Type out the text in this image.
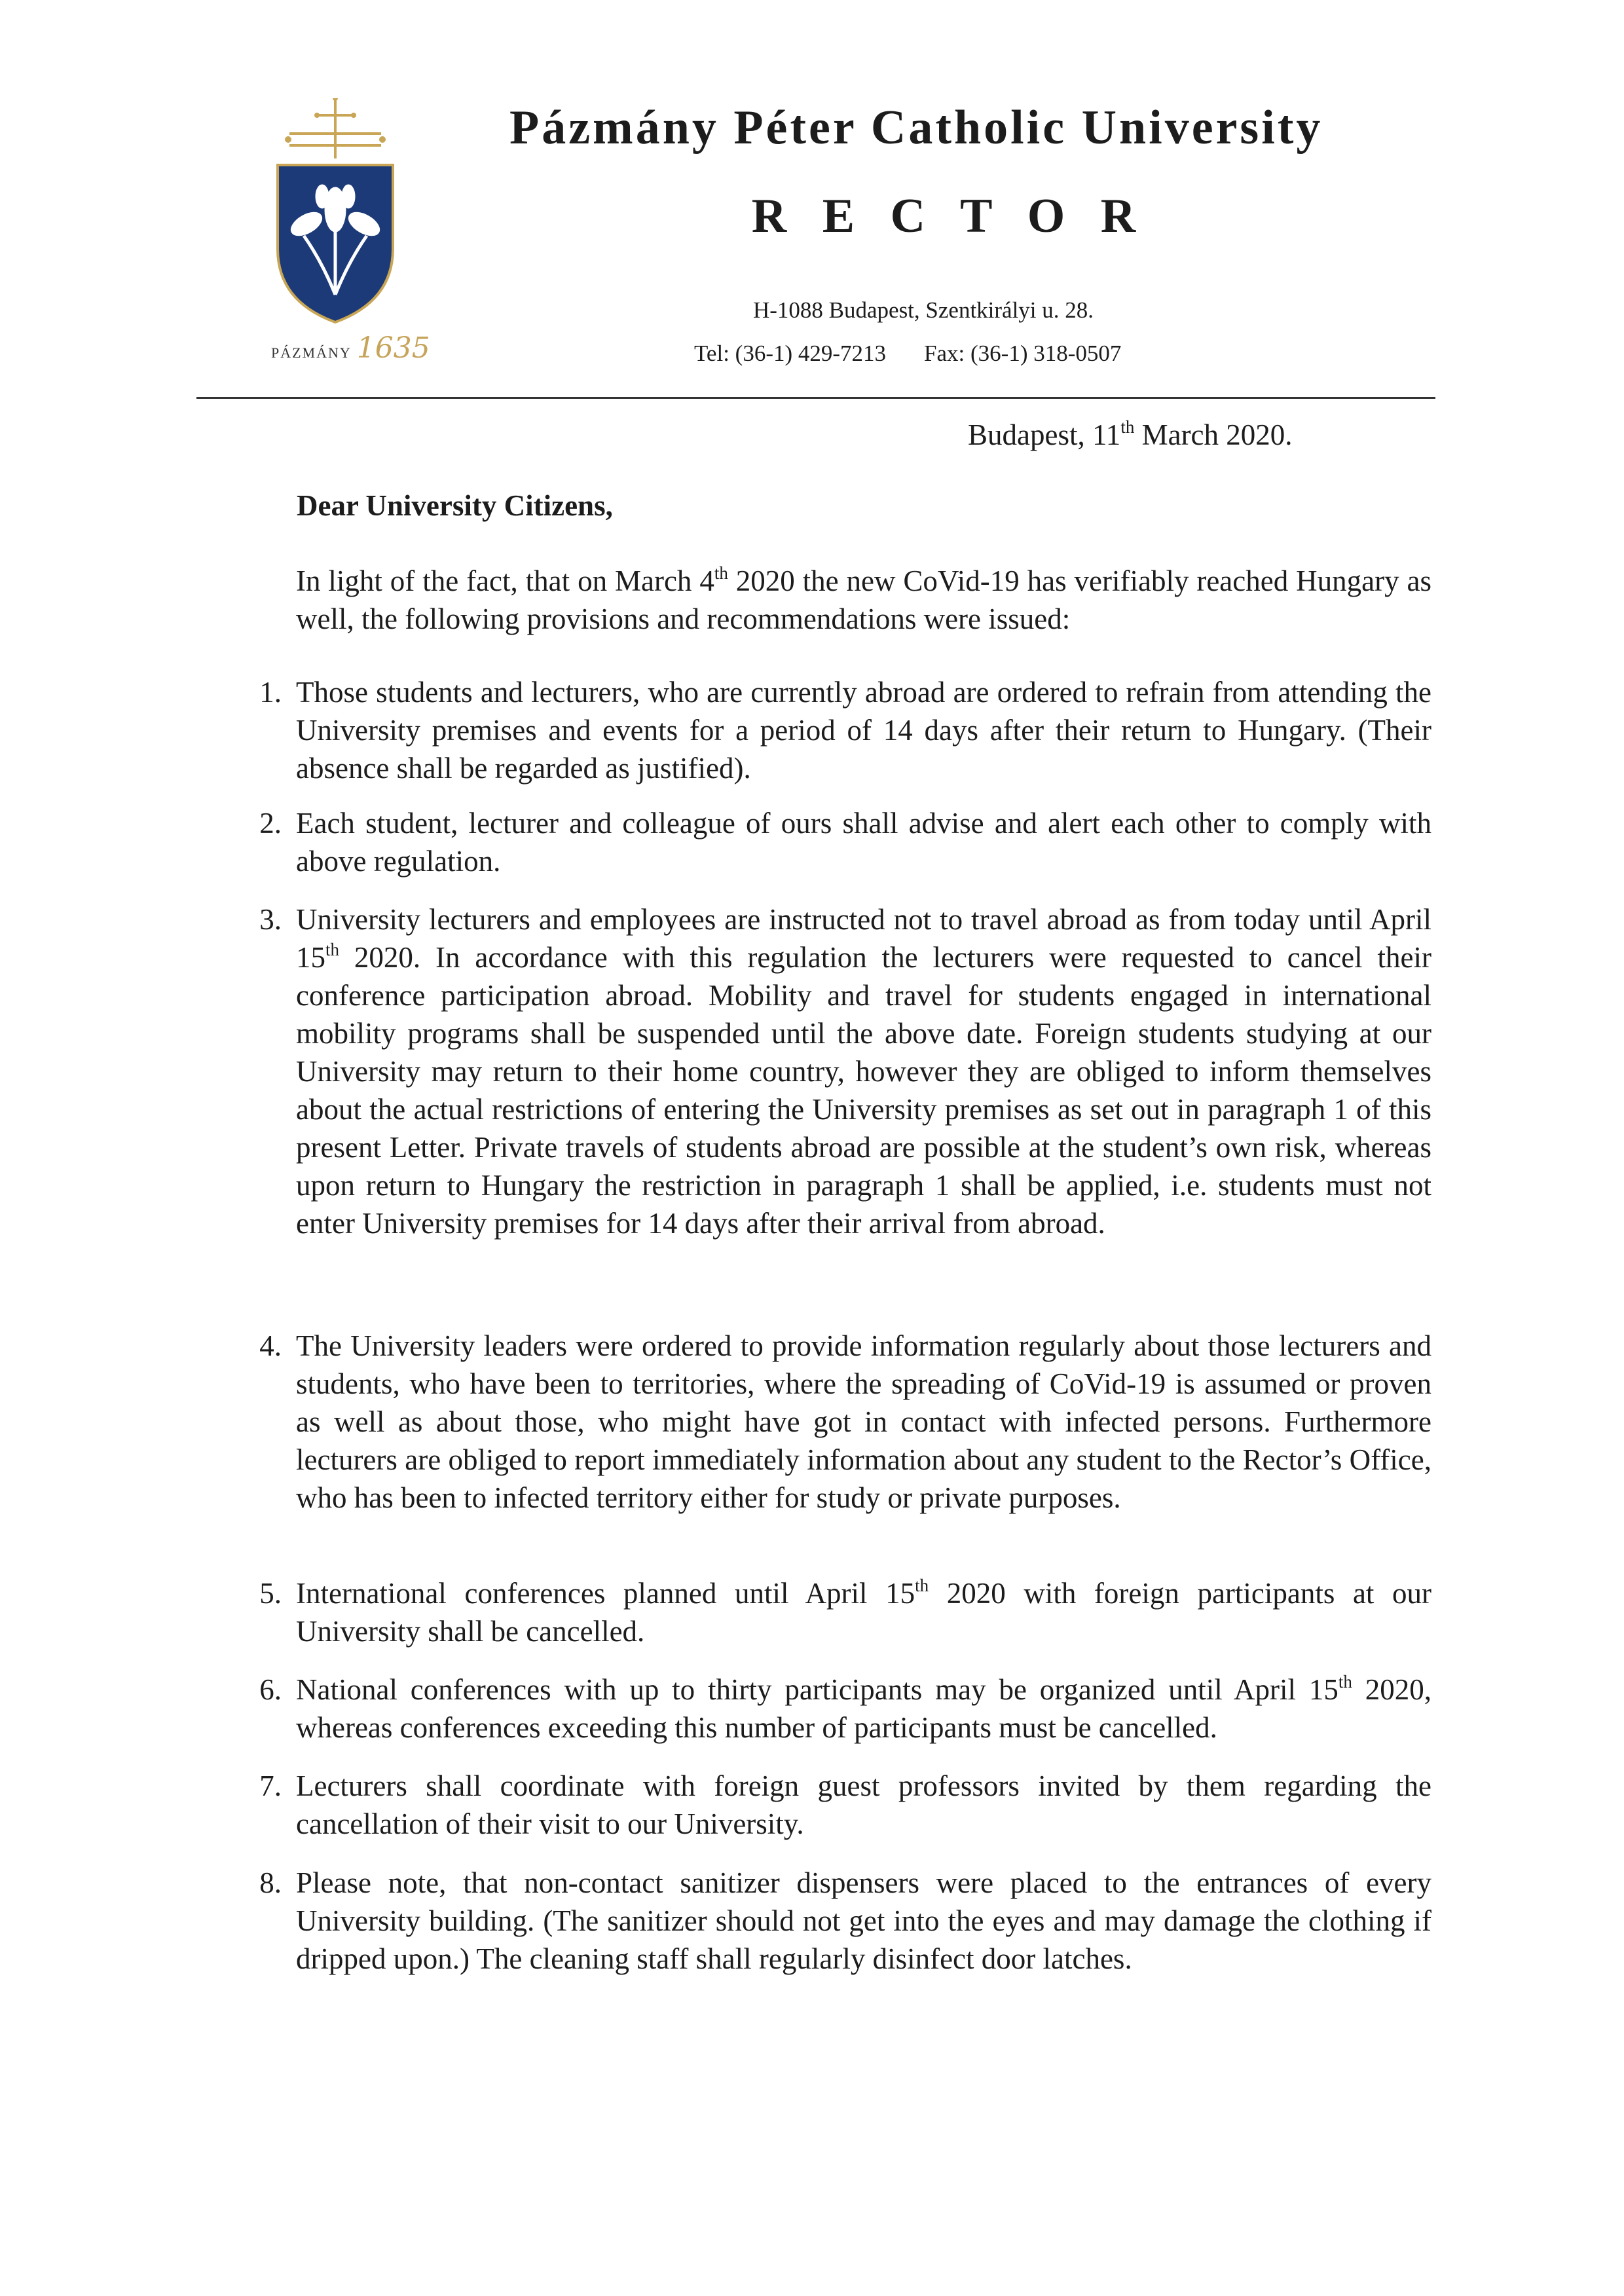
PÁZMÁNY 1635
Pázmány Péter Catholic University
R E C T O R
H-1088 Budapest, Szentkirályi u. 28.
Tel: (36-1) 429-7213 Fax: (36-1) 318-0507
Budapest, 11th March 2020.
Dear University Citizens,
In light of the fact, that on March 4th 2020 the new CoVid-19 has verifiably reached Hungary as well, the following provisions and recommendations were issued:
1. Those students and lecturers, who are currently abroad are ordered to refrain from attending the University premises and events for a period of 14 days after their return to Hungary. (Their absence shall be regarded as justified).
2. Each student, lecturer and colleague of ours shall advise and alert each other to comply with above regulation.
3. University lecturers and employees are instructed not to travel abroad as from today until April 15th 2020. In accordance with this regulation the lecturers were requested to cancel their conference participation abroad. Mobility and travel for students engaged in international mobility programs shall be suspended until the above date. Foreign students studying at our University may return to their home country, however they are obliged to inform themselves about the actual restrictions of entering the University premises as set out in paragraph 1 of this present Letter. Private travels of students abroad are possible at the student’s own risk, whereas upon return to Hungary the restriction in paragraph 1 shall be applied, i.e. students must not enter University premises for 14 days after their arrival from abroad.
4. The University leaders were ordered to provide information regularly about those lecturers and students, who have been to territories, where the spreading of CoVid-19 is assumed or proven as well as about those, who might have got in contact with infected persons. Furthermore lecturers are obliged to report immediately information about any student to the Rector’s Office, who has been to infected territory either for study or private purposes.
5. International conferences planned until April 15th 2020 with foreign participants at our University shall be cancelled.
6. National conferences with up to thirty participants may be organized until April 15th 2020, whereas conferences exceeding this number of participants must be cancelled.
7. Lecturers shall coordinate with foreign guest professors invited by them regarding the cancellation of their visit to our University.
8. Please note, that non-contact sanitizer dispensers were placed to the entrances of every University building. (The sanitizer should not get into the eyes and may damage the clothing if dripped upon.) The cleaning staff shall regularly disinfect door latches.
